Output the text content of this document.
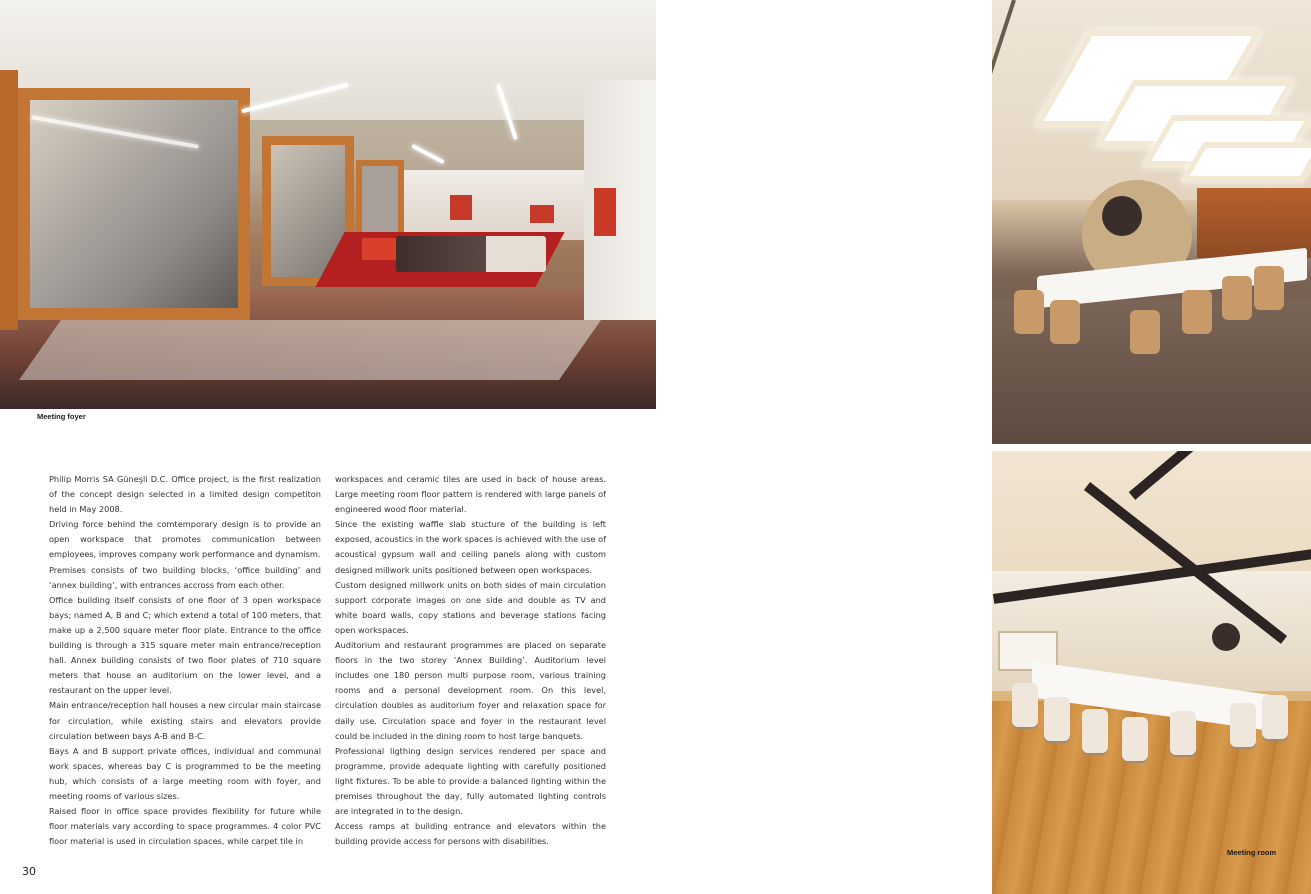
Meeting foyer
Meeting room

Philip Morris SA Güneşli D.C. Office project, is the first realization of the concept design selected in a limited design competiton held in May 2008.

Driving force behind the comtemporary design is to provide an open workspace that promotes communication between employees, improves company work performance and dynamism.

Premises consists of two building blocks, ‘office building’ and ‘annex building’, with entrances accross from each other.

Office building itself consists of one floor of 3 open workspace bays; named A, B and C; which extend a total of 100 meters, that make up a 2,500 square meter floor plate. Entrance to the office building is through a 315 square meter main entrance/reception hall. Annex building consists of two floor plates of 710 square meters that house an auditorium on the lower level, and a restaurant on the upper level.

Main entrance/reception hall houses a new circular main staircase for circulation, while existing stairs and elevators provide circulation between bays A-B and B-C.

Bays A and B support private offices, individual and communal work spaces, whereas bay C is programmed to be the meeting hub, which consists of a large meeting room with foyer, and meeting rooms of various sizes.

Raised floor in office space provides flexibility for future while floor materials vary according to space programmes. 4 color PVC floor material is used in circulation spaces, while carpet tile in

workspaces and ceramic tiles are used in back of house areas. Large meeting room floor pattern is rendered with large panels of engineered wood floor material.

Since the existing waffle slab stucture of the building is left exposed, acoustics in the work spaces is achieved with the use of acoustical gypsum wall and ceiling panels along with custom designed millwork units positioned between open workspaces.

Custom designed millwork units on both sides of main circulation support corporate images on one side and double as TV and white board walls, copy stations and beverage stations facing open workspaces.

Auditorium and restaurant programmes are placed on separate floors in the two storey ‘Annex Building’. Auditorium level includes one 180 person multi purpose room, various training rooms and a personal development room. On this level, circulation doubles as auditorium foyer and relaxation space for daily use. Circulation space and foyer in the restaurant level could be included in the dining room to host large banquets.

Professional ligthing design services rendered per space and programme, provide adequate lighting with carefully positioned light fixtures. To be able to provide a balanced lighting within the premises throughout the day, fully automated lighting controls are integrated in to the design.

Access ramps at building entrance and elevators within the building provide access for persons with disabilities.

30
